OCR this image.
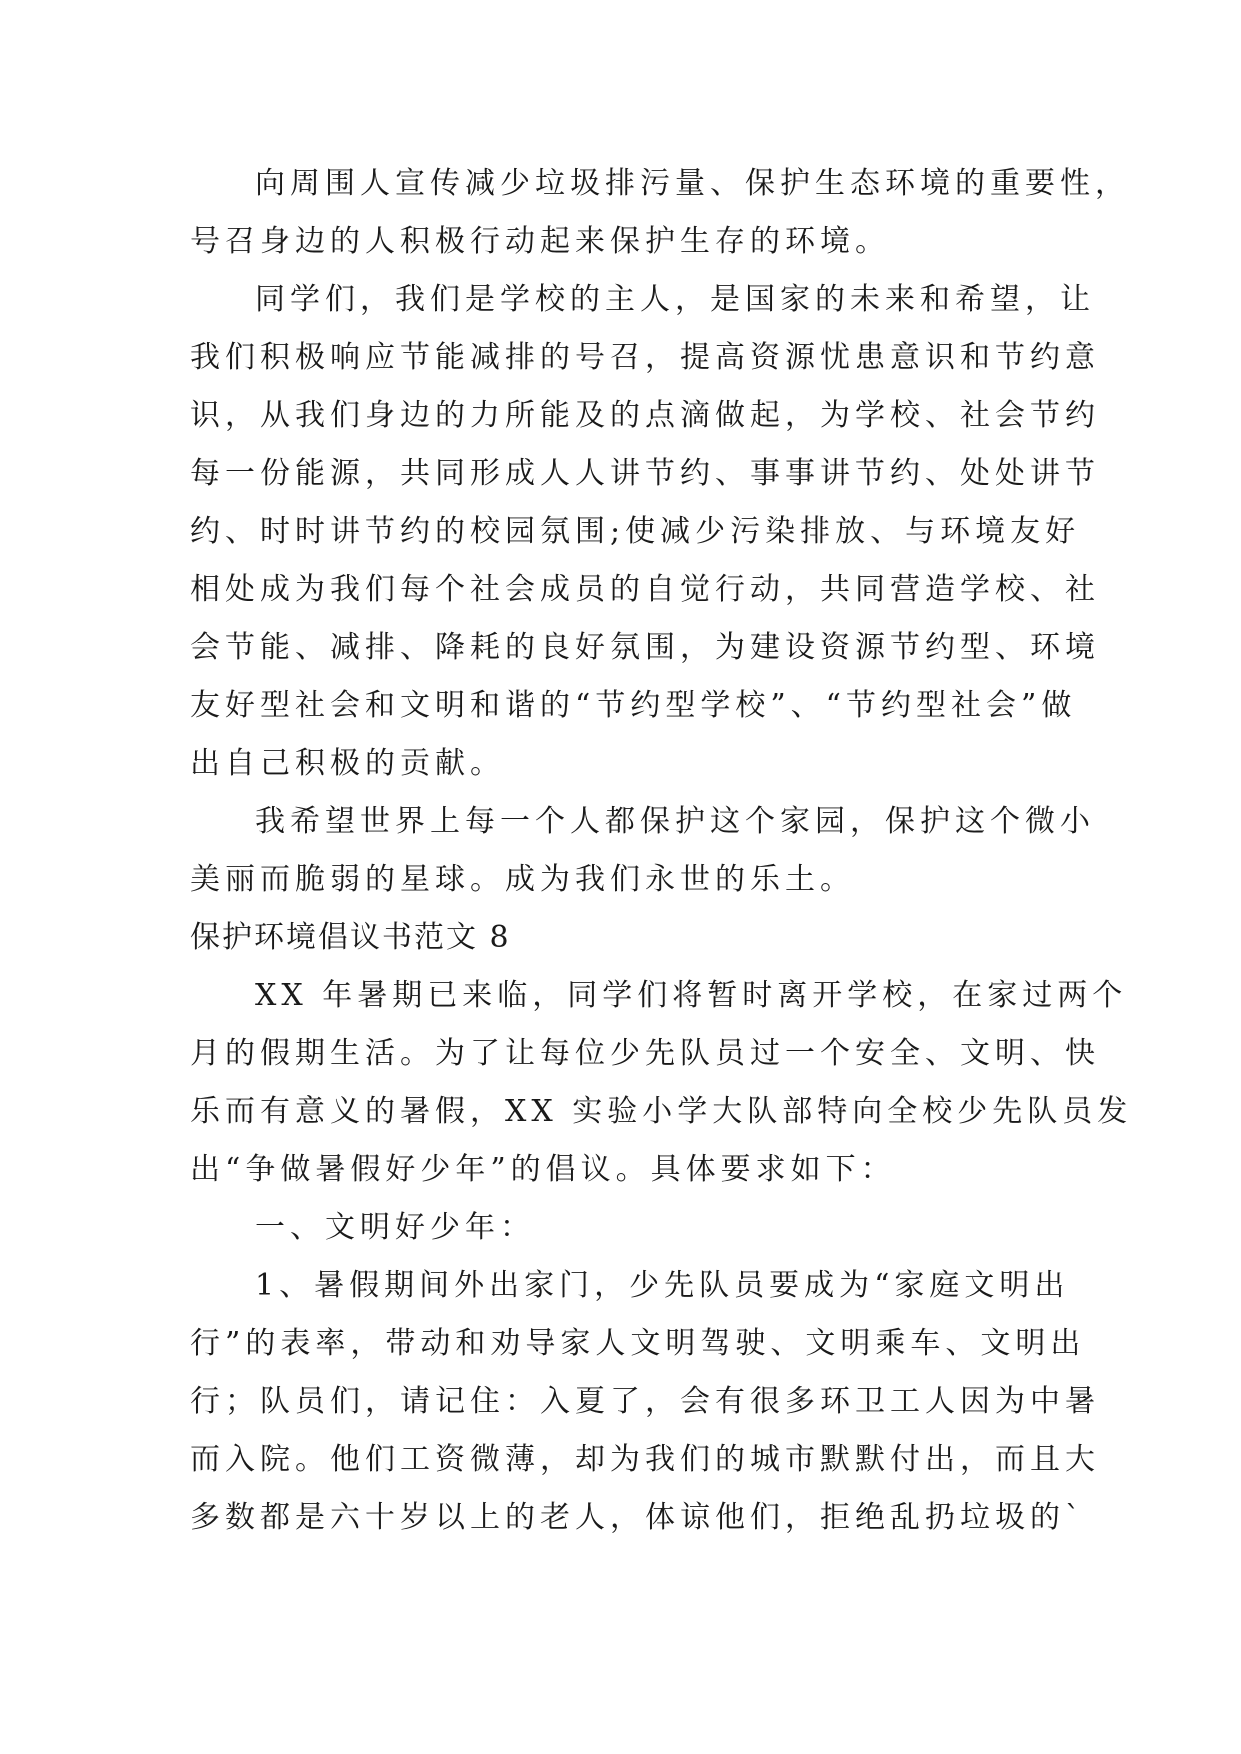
向周围人宣传减少垃圾排污量、保护生态环境的重要性，
号召身边的人积极行动起来保护生存的环境。
同学们，我们是学校的主人，是国家的未来和希望，让
我们积极响应节能减排的号召，提高资源忧患意识和节约意
识，从我们身边的力所能及的点滴做起，为学校、社会节约
每一份能源，共同形成人人讲节约、事事讲节约、处处讲节
约、时时讲节约的校园氛围;使减少污染排放、与环境友好
相处成为我们每个社会成员的自觉行动，共同营造学校、社
会节能、减排、降耗的良好氛围，为建设资源节约型、环境
友好型社会和文明和谐的“节约型学校”、“节约型社会”做
出自己积极的贡献。
我希望世界上每一个人都保护这个家园，保护这个微小
美丽而脆弱的星球。成为我们永世的乐土。
保护环境倡议书范文 8
XX 年暑期已来临，同学们将暂时离开学校，在家过两个
月的假期生活。为了让每位少先队员过一个安全、文明、快
乐而有意义的暑假，XX 实验小学大队部特向全校少先队员发
出“争做暑假好少年”的倡议。具体要求如下：
一、文明好少年：
1、暑假期间外出家门，少先队员要成为“家庭文明出
行”的表率，带动和劝导家人文明驾驶、文明乘车、文明出
行；队员们，请记住：入夏了，会有很多环卫工人因为中暑
而入院。他们工资微薄，却为我们的城市默默付出，而且大
多数都是六十岁以上的老人，体谅他们，拒绝乱扔垃圾的`
